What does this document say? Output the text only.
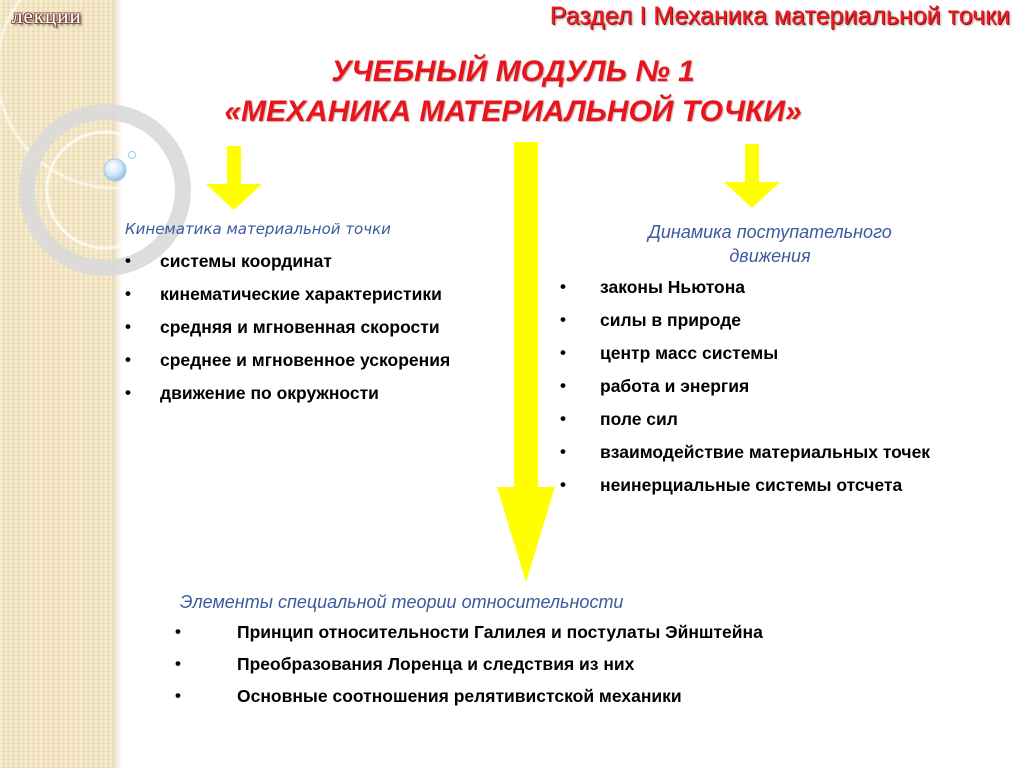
лекции	Раздел I Механика материальной точки
УЧЕБНЫЙ МОДУЛЬ № 1
«МЕХАНИКА МАТЕРИАЛЬНОЙ ТОЧКИ»
Кинематика материальной точки
• системы координат
• кинематические характеристики
• средняя и мгновенная скорости
• среднее и мгновенное ускорения
• движение по окружности
Динамика поступательного
движения
• законы Ньютона
• силы в природе
• центр масс системы
• работа и энергия
• поле сил
• взаимодействие материальных точек
• неинерциальные системы отсчета
Элементы специальной теории относительности
• Принцип относительности Галилея и постулаты Эйнштейна
• Преобразования Лоренца и следствия из них
• Основные соотношения релятивистской механики
